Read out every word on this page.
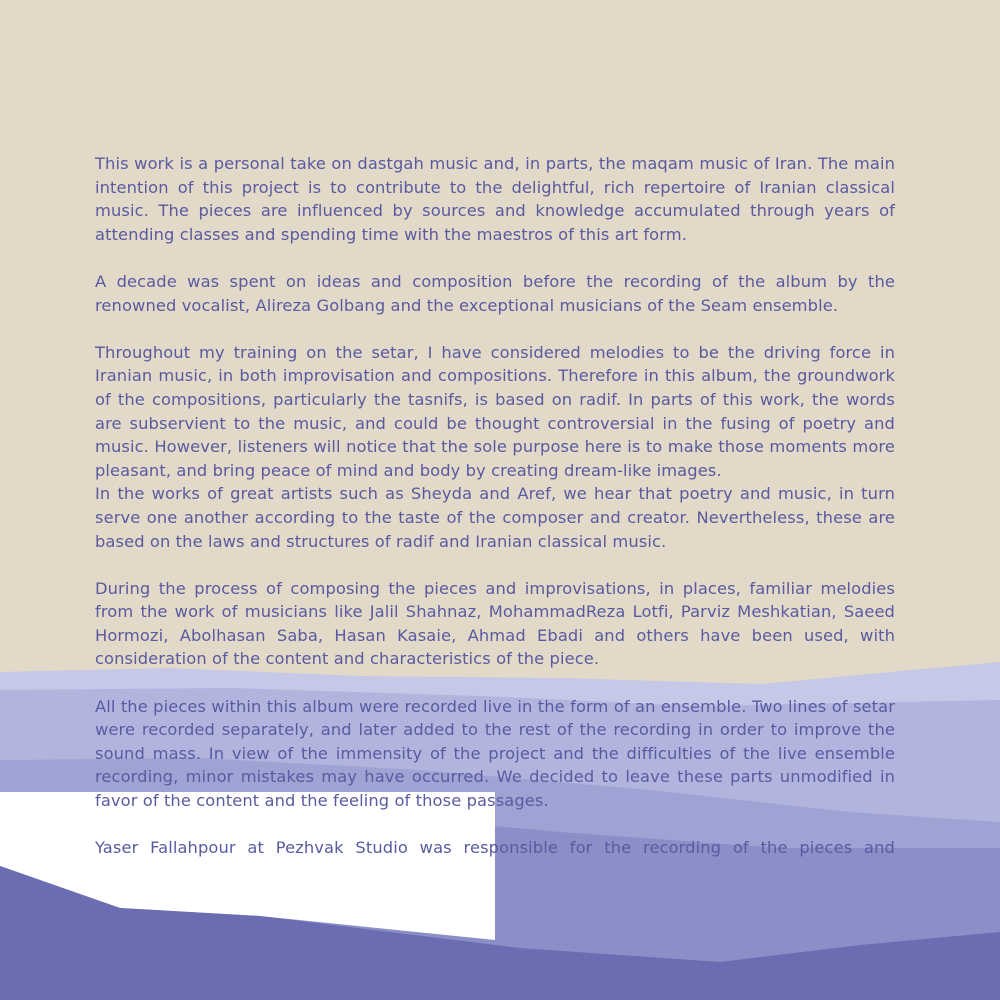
This work is a personal take on dastgah music and, in parts, the maqam music of Iran. The main intention of this project is to contribute to the delightful, rich repertoire of Iranian classical music. The pieces are influenced by sources and knowledge accumulated through years of attending classes and spending time with the maestros of this art form.

A decade was spent on ideas and composition before the recording of the album by the renowned vocalist, Alireza Golbang and the exceptional musicians of the Seam ensemble.

Throughout my training on the setar, I have considered melodies to be the driving force in Iranian music, in both improvisation and compositions. Therefore in this album, the groundwork of the compositions, particularly the tasnifs, is based on radif. In parts of this work, the words are subservient to the music, and could be thought controversial in the fusing of poetry and music. However, listeners will notice that the sole purpose here is to make those moments more pleasant, and bring peace of mind and body by creating dream-like images.

In the works of great artists such as Sheyda and Aref, we hear that poetry and music, in turn serve one another according to the taste of the composer and creator. Nevertheless, these are based on the laws and structures of radif and Iranian classical music.

During the process of composing the pieces and improvisations, in places, familiar melodies from the work of musicians like Jalil Shahnaz, MohammadReza Lotfi, Parviz Meshkatian, Saeed Hormozi, Abolhasan Saba, Hasan Kasaie, Ahmad Ebadi and others have been used, with consideration of the content and characteristics of the piece.

All the pieces within this album were recorded live in the form of an ensemble. Two lines of setar were recorded separately, and later added to the rest of the recording in order to improve the sound mass. In view of the immensity of the project and the difficulties of the live ensemble recording, minor mistakes may have occurred. We decided to leave these parts unmodified in favor of the content and the feeling of those passages.

Yaser Fallahpour at Pezhvak Studio was responsible for the recording of the pieces and
